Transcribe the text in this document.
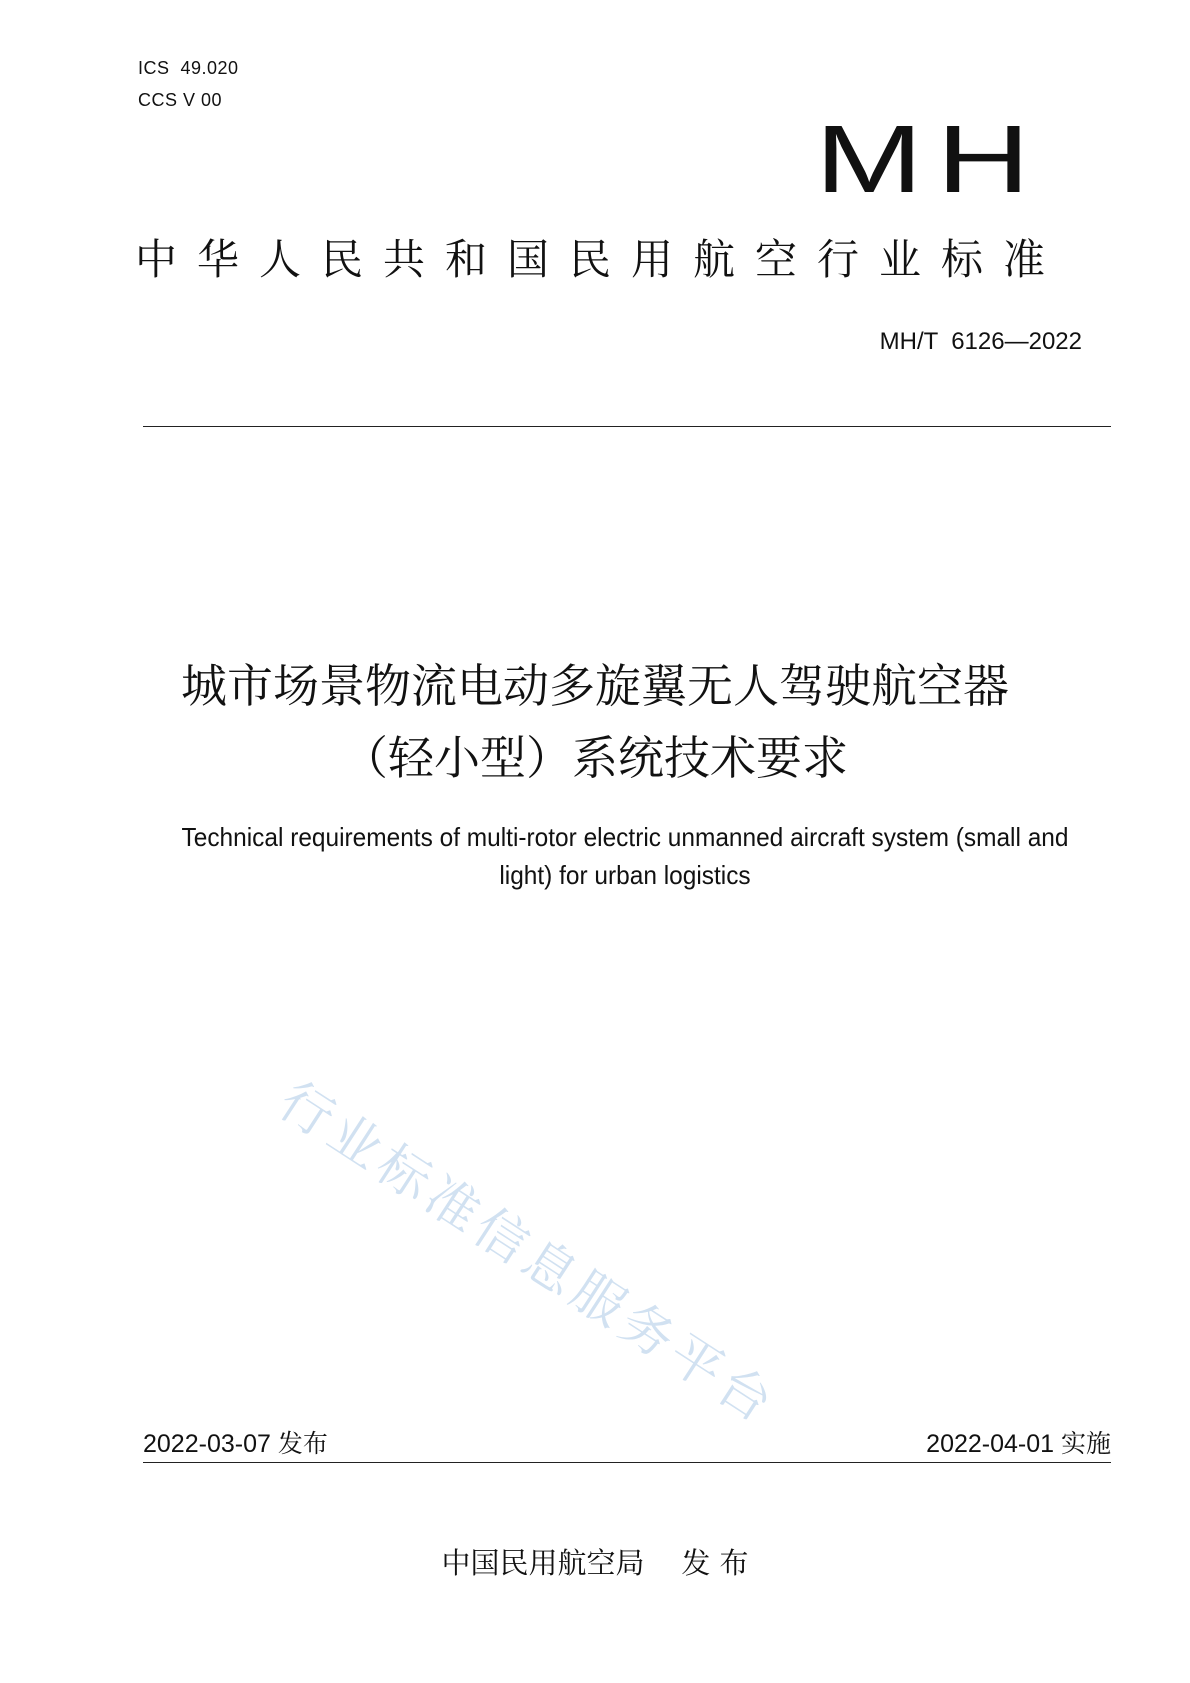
ICS  49.020
CCS V 00
MH
中华人民共和国民用航空行业标准
MH/T  6126—2022
城市场景物流电动多旋翼无人驾驶航空器
（轻小型）系统技术要求
Technical requirements of multi-rotor electric unmanned aircraft system (small and
light) for urban logistics
行业标准信息服务平台
2022-03-07 发布	2022-04-01 实施
中国民用航空局    发 布
